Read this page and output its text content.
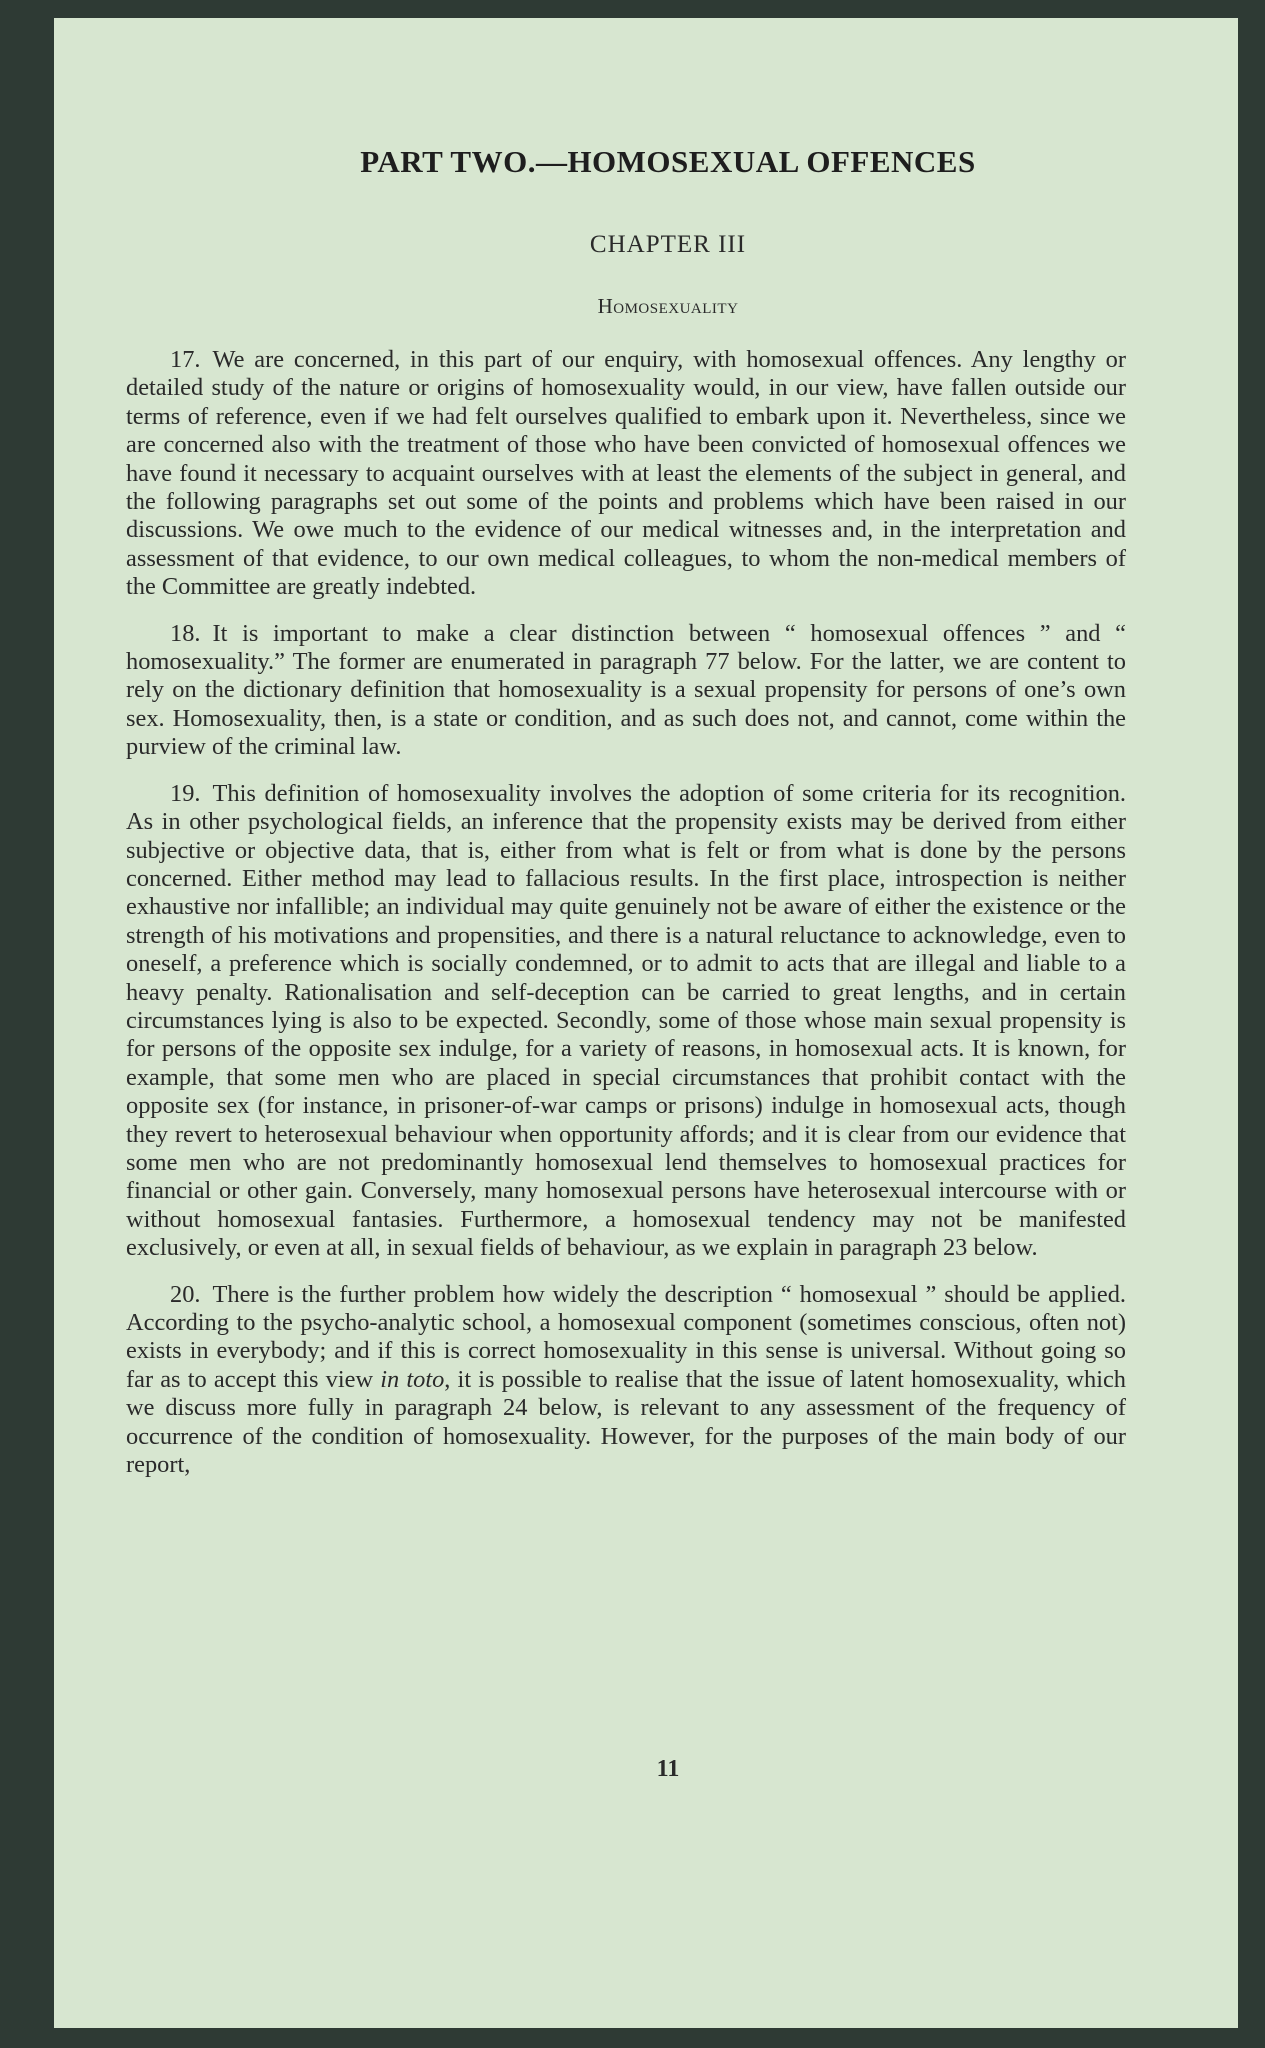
PART TWO.—HOMOSEXUAL OFFENCES
CHAPTER III
Homosexuality

17. We are concerned, in this part of our enquiry, with homosexual offences. Any lengthy or detailed study of the nature or origins of homosexuality would, in our view, have fallen outside our terms of reference, even if we had felt ourselves qualified to embark upon it. Nevertheless, since we are concerned also with the treatment of those who have been convicted of homosexual offences we have found it necessary to acquaint ourselves with at least the elements of the subject in general, and the following paragraphs set out some of the points and problems which have been raised in our discussions. We owe much to the evidence of our medical witnesses and, in the interpretation and assessment of that evidence, to our own medical colleagues, to whom the non-medical members of the Committee are greatly indebted.

18. It is important to make a clear distinction between “ homosexual offences ” and “ homosexuality.” The former are enumerated in paragraph 77 below. For the latter, we are content to rely on the dictionary definition that homosexuality is a sexual propensity for persons of one’s own sex. Homosexuality, then, is a state or condition, and as such does not, and cannot, come within the purview of the criminal law.

19. This definition of homosexuality involves the adoption of some criteria for its recognition. As in other psychological fields, an inference that the propensity exists may be derived from either subjective or objective data, that is, either from what is felt or from what is done by the persons concerned. Either method may lead to fallacious results. In the first place, introspection is neither exhaustive nor infallible; an individual may quite genuinely not be aware of either the existence or the strength of his motivations and propensities, and there is a natural reluctance to acknowledge, even to oneself, a preference which is socially condemned, or to admit to acts that are illegal and liable to a heavy penalty. Rationalisation and self-deception can be carried to great lengths, and in certain circumstances lying is also to be expected. Secondly, some of those whose main sexual propensity is for persons of the opposite sex indulge, for a variety of reasons, in homosexual acts. It is known, for example, that some men who are placed in special circumstances that prohibit contact with the opposite sex (for instance, in prisoner-of-war camps or prisons) indulge in homosexual acts, though they revert to heterosexual behaviour when opportunity affords; and it is clear from our evidence that some men who are not predominantly homosexual lend themselves to homosexual practices for financial or other gain. Conversely, many homosexual persons have heterosexual intercourse with or without homosexual fantasies. Furthermore, a homosexual tendency may not be manifested exclusively, or even at all, in sexual fields of behaviour, as we explain in paragraph 23 below.

20. There is the further problem how widely the description “ homosexual ” should be applied. According to the psycho-analytic school, a homosexual component (sometimes conscious, often not) exists in everybody; and if this is correct homosexuality in this sense is universal. Without going so far as to accept this view in toto, it is possible to realise that the issue of latent homosexuality, which we discuss more fully in paragraph 24 below, is relevant to any assessment of the frequency of occurrence of the condition of homosexuality. However, for the purposes of the main body of our report,

11
